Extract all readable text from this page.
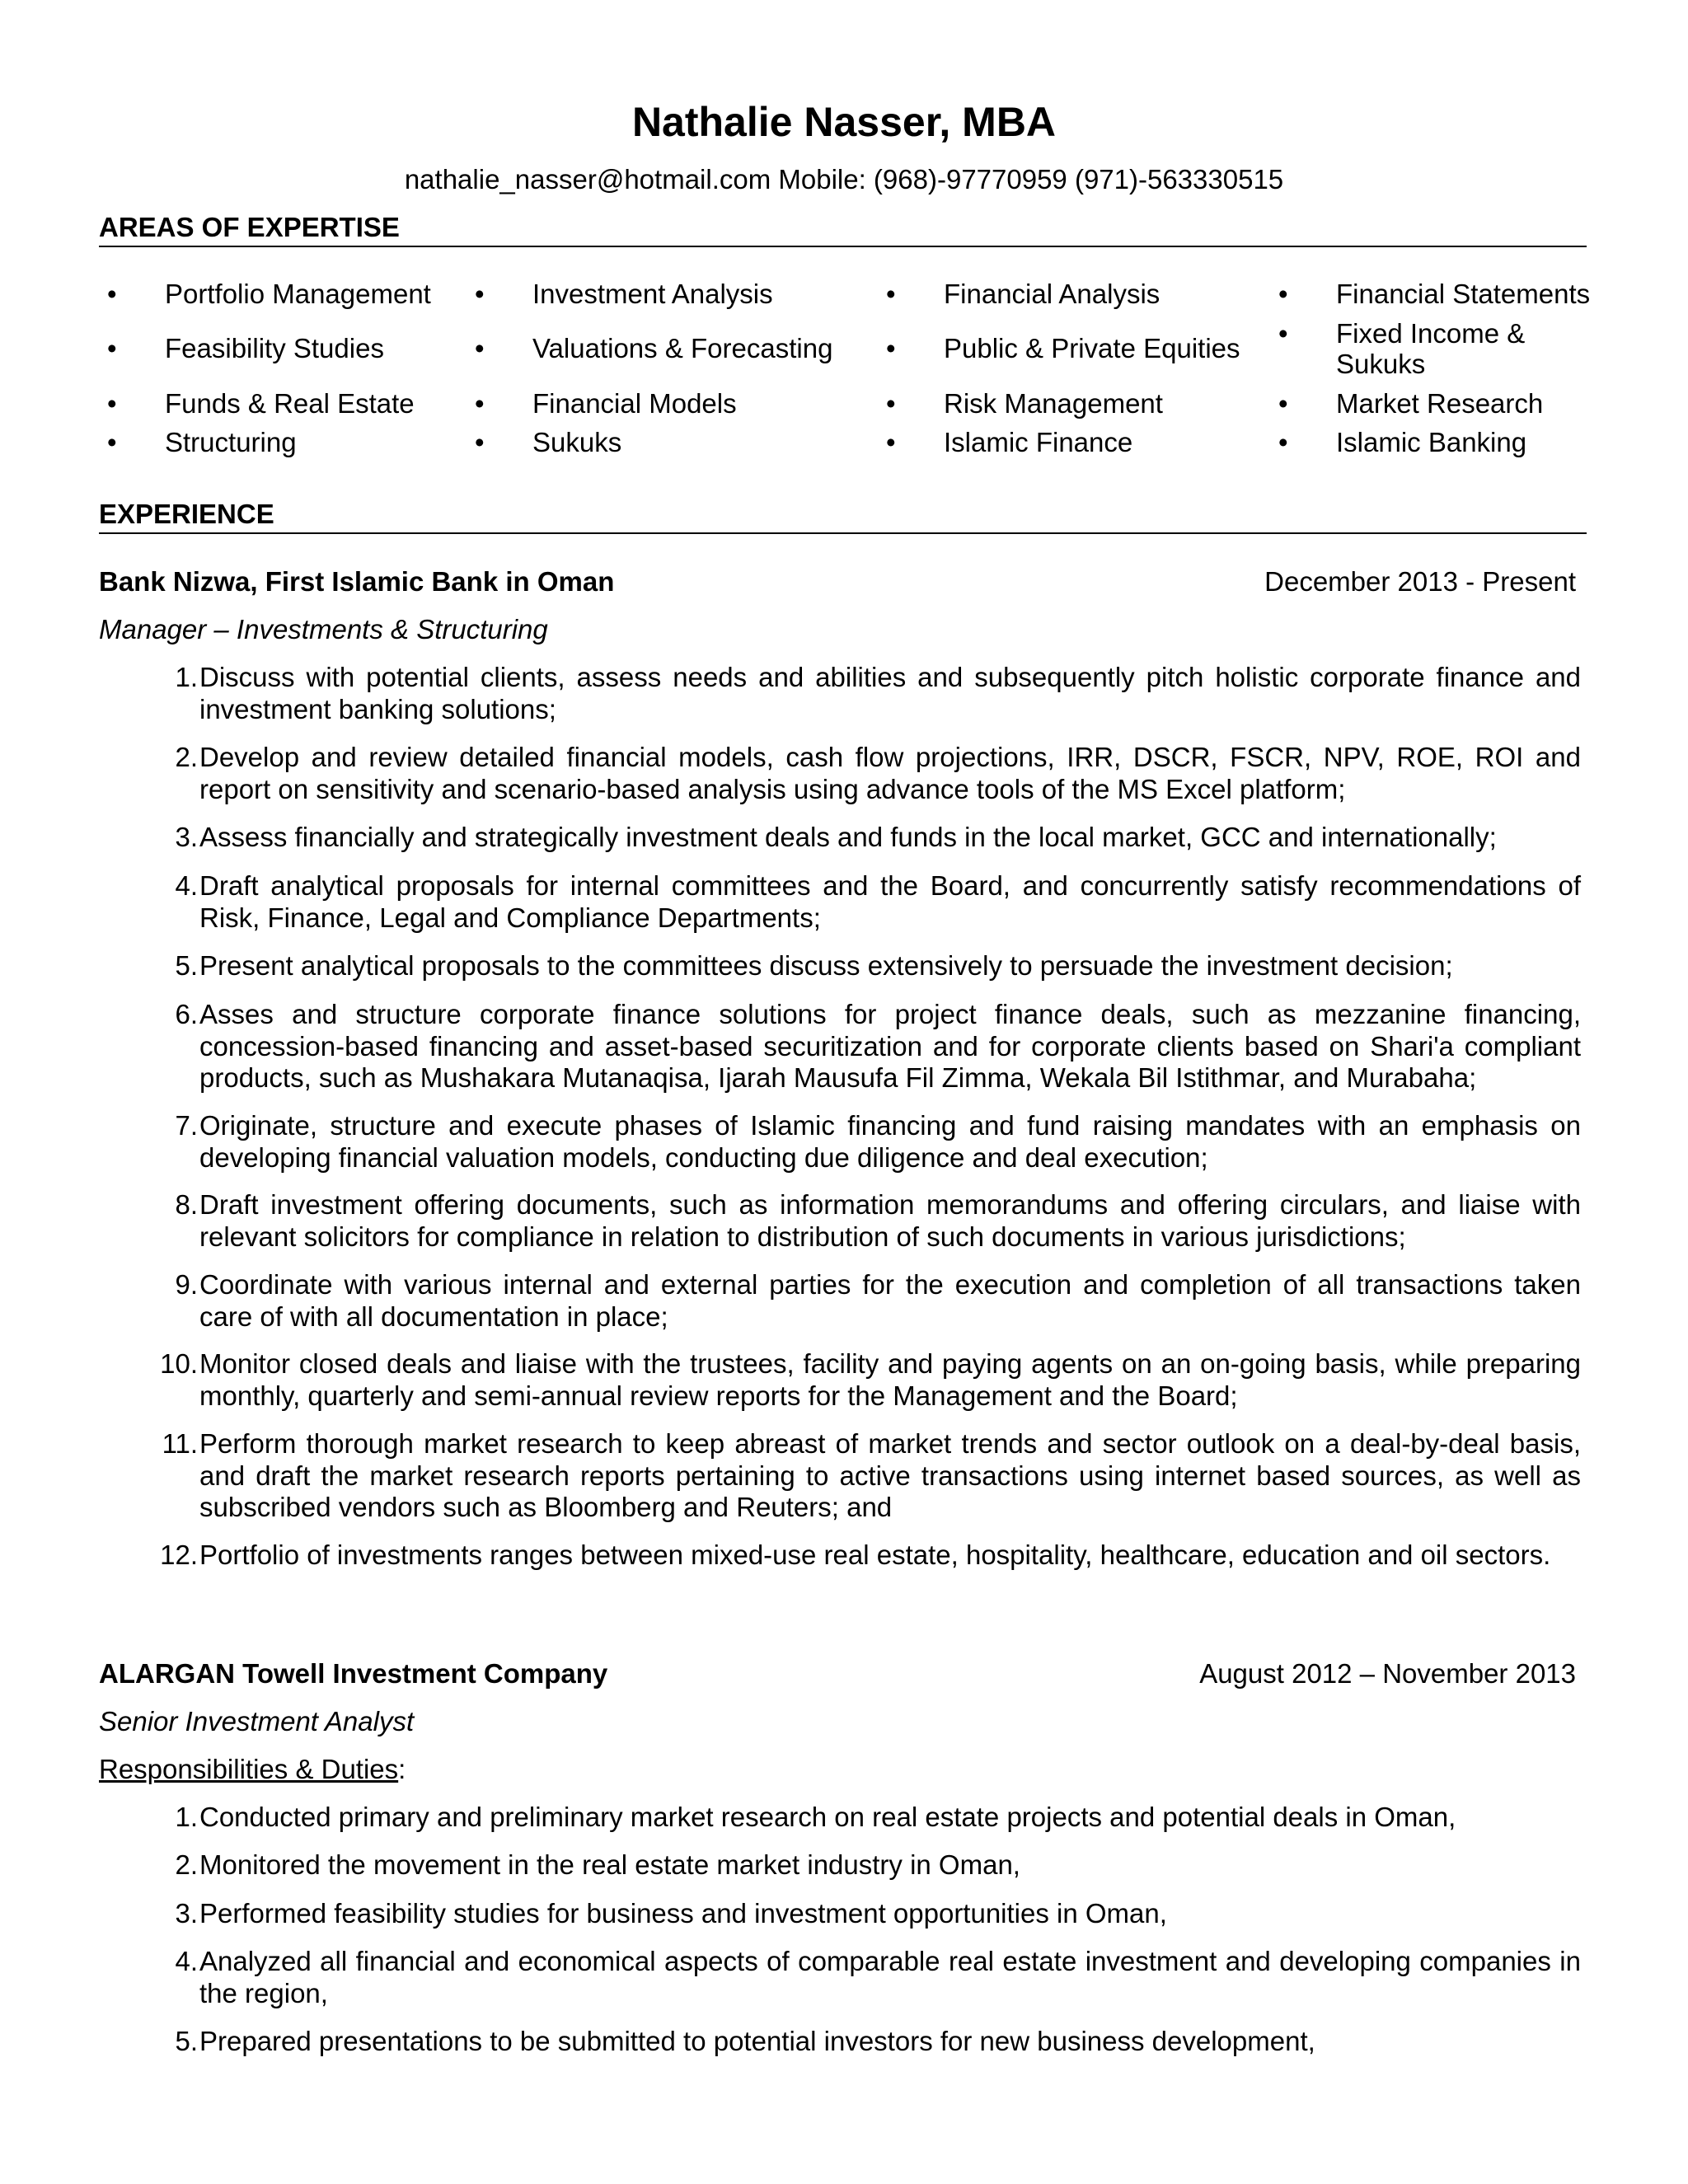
Nathalie Nasser, MBA
nathalie_nasser@hotmail.com Mobile: (968)-97770959 (971)-563330515
AREAS OF EXPERTISE
•	Portfolio Management •	Investment Analysis	•	Financial Analysis	•	Financial Statements
•	Feasibility Studies	•	Valuations & Forecasting •	Public & Private Equities •	Fixed Income & Sukuks
•	Funds & Real Estate •	Financial Models	•	Risk Management	•	Market Research
•	Structuring	•	Sukuks	•	Islamic Finance	•	Islamic Banking
EXPERIENCE
Bank Nizwa, First Islamic Bank in Oman	December 2013 - Present
Manager – Investments & Structuring
1. Discuss with potential clients, assess needs and abilities and subsequently pitch holistic corporate finance and investment banking solutions;
2. Develop and review detailed financial models, cash flow projections, IRR, DSCR, FSCR, NPV, ROE, ROI and report on sensitivity and scenario-based analysis using advance tools of the MS Excel platform;
3. Assess financially and strategically investment deals and funds in the local market, GCC and internationally;
4. Draft analytical proposals for internal committees and the Board, and concurrently satisfy recommendations of Risk, Finance, Legal and Compliance Departments;
5. Present analytical proposals to the committees discuss extensively to persuade the investment decision;
6. Asses and structure corporate finance solutions for project finance deals, such as mezzanine financing, concession-based financing and asset-based securitization and for corporate clients based on Shari'a compliant products, such as Mushakara Mutanaqisa, Ijarah Mausufa Fil Zimma, Wekala Bil Istithmar, and Murabaha;
7. Originate, structure and execute phases of Islamic financing and fund raising mandates with an emphasis on developing financial valuation models, conducting due diligence and deal execution;
8. Draft investment offering documents, such as information memorandums and offering circulars, and liaise with relevant solicitors for compliance in relation to distribution of such documents in various jurisdictions;
9. Coordinate with various internal and external parties for the execution and completion of all transactions taken care of with all documentation in place;
10. Monitor closed deals and liaise with the trustees, facility and paying agents on an on-going basis, while preparing monthly, quarterly and semi-annual review reports for the Management and the Board;
11. Perform thorough market research to keep abreast of market trends and sector outlook on a deal-by-deal basis, and draft the market research reports pertaining to active transactions using internet based sources, as well as subscribed vendors such as Bloomberg and Reuters; and
12. Portfolio of investments ranges between mixed-use real estate, hospitality, healthcare, education and oil sectors.
ALARGAN Towell Investment Company	August 2012 – November 2013
Senior Investment Analyst
Responsibilities & Duties:
1. Conducted primary and preliminary market research on real estate projects and potential deals in Oman,
2. Monitored the movement in the real estate market industry in Oman,
3. Performed feasibility studies for business and investment opportunities in Oman,
4. Analyzed all financial and economical aspects of comparable real estate investment and developing companies in the region,
5. Prepared presentations to be submitted to potential investors for new business development,
